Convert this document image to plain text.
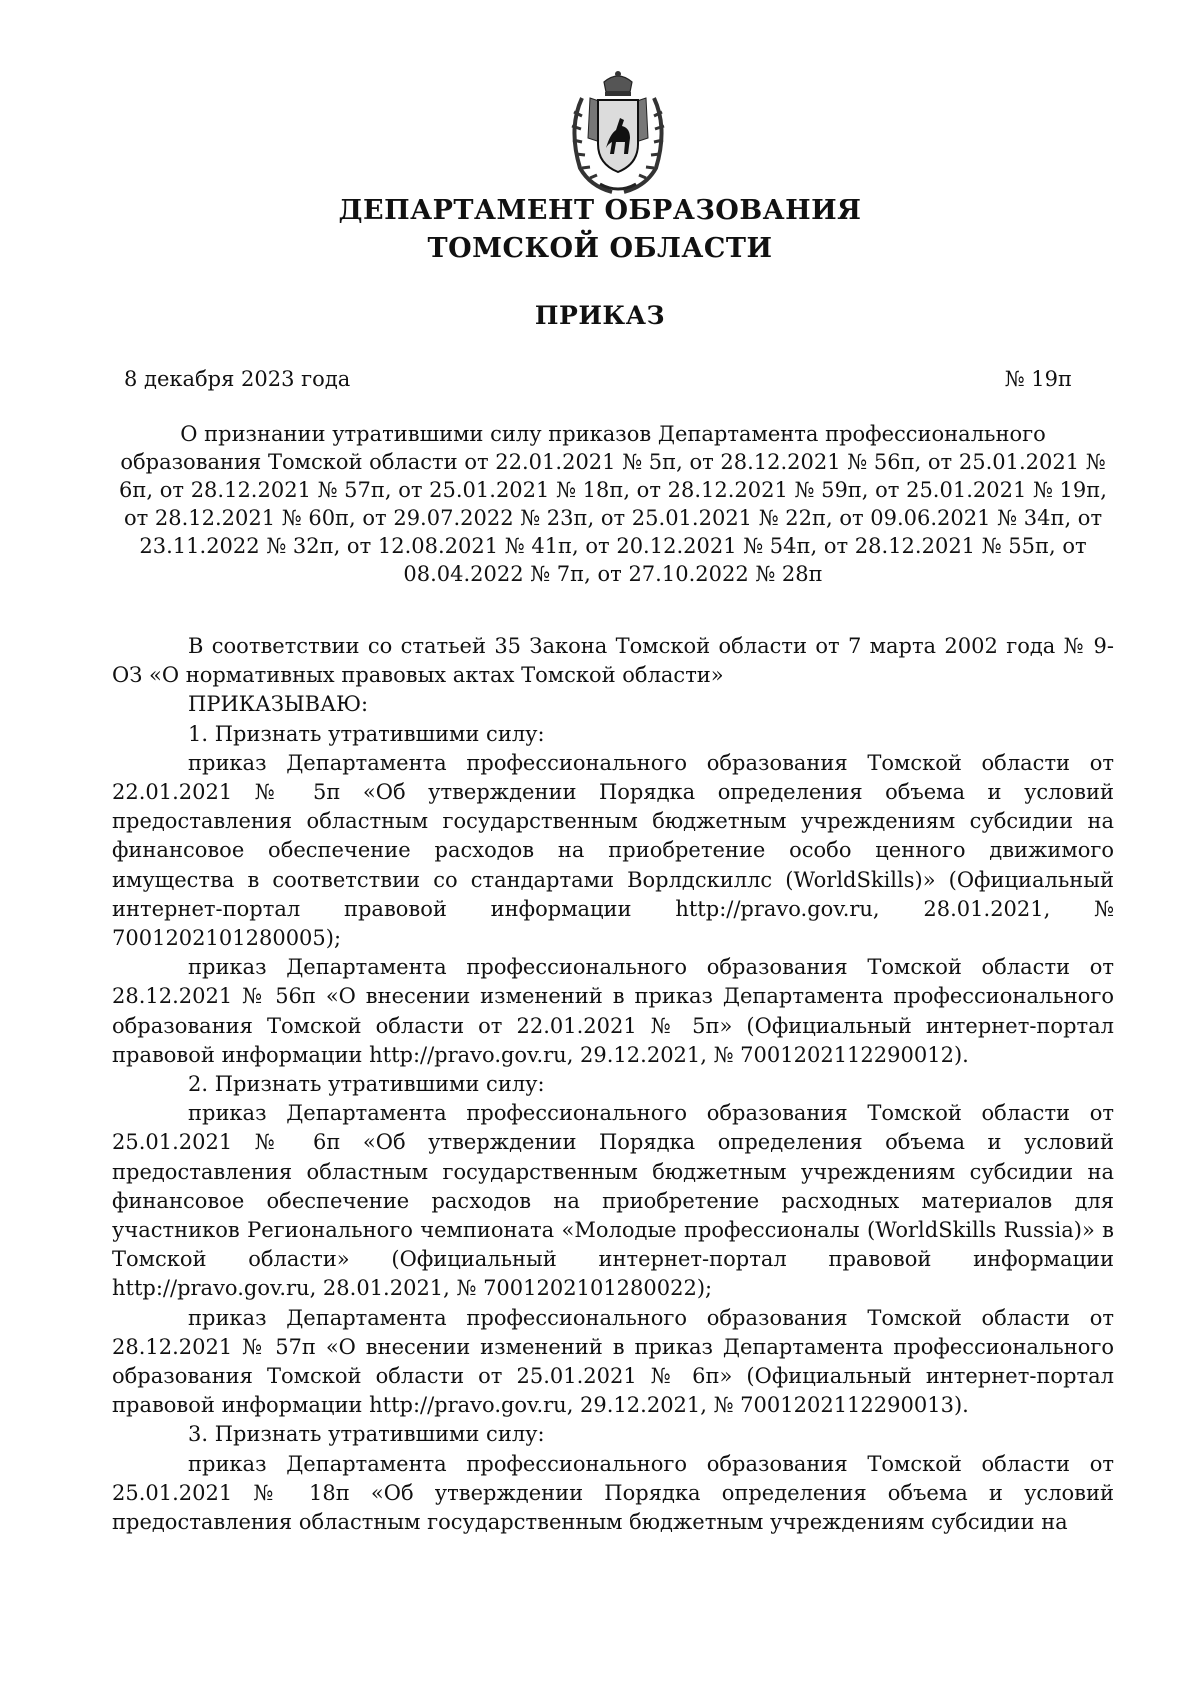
ДЕПАРТАМЕНТ ОБРАЗОВАНИЯ
ТОМСКОЙ ОБЛАСТИ
ПРИКАЗ
8 декабря 2023 года	№ 19п
О признании утратившими силу приказов Департамента профессионального
образования Томской области от 22.01.2021 № 5п, от 28.12.2021 № 56п, от 25.01.2021 №
6п, от 28.12.2021 № 57п, от 25.01.2021 № 18п, от 28.12.2021 № 59п, от 25.01.2021 № 19п,
от 28.12.2021 № 60п, от 29.07.2022 № 23п, от 25.01.2021 № 22п, от 09.06.2021 № 34п, от
23.11.2022 № 32п, от 12.08.2021 № 41п, от 20.12.2021 № 54п, от 28.12.2021 № 55п, от
08.04.2022 № 7п, от 27.10.2022 № 28п

В соответствии со статьей 35 Закона Томской области от 7 марта 2002 года № 9-ОЗ «О нормативных правовых актах Томской области»

ПРИКАЗЫВАЮ:

1. Признать утратившими силу:

приказ Департамента профессионального образования Томской области от 22.01.2021 № 5п «Об утверждении Порядка определения объема и условий предоставления областным государственным бюджетным учреждениям субсидии на финансовое обеспечение расходов на приобретение особо ценного движимого имущества в соответствии со стандартами Ворлдскиллс (WorldSkills)» (Официальный интернет-портал правовой информации http://pravo.gov.ru, 28.01.2021, № 7001202101280005);

приказ Департамента профессионального образования Томской области от 28.12.2021 № 56п «О внесении изменений в приказ Департамента профессионального образования Томской области от 22.01.2021 № 5п» (Официальный интернет-портал правовой информации http://pravo.gov.ru, 29.12.2021, № 7001202112290012).

2. Признать утратившими силу:

приказ Департамента профессионального образования Томской области от 25.01.2021 № 6п «Об утверждении Порядка определения объема и условий предоставления областным государственным бюджетным учреждениям субсидии на финансовое обеспечение расходов на приобретение расходных материалов для участников Регионального чемпионата «Молодые профессионалы (WorldSkills Russia)» в Томской области» (Официальный интернет-портал правовой информации http://pravo.gov.ru, 28.01.2021, № 7001202101280022);

приказ Департамента профессионального образования Томской области от 28.12.2021 № 57п «О внесении изменений в приказ Департамента профессионального образования Томской области от 25.01.2021 № 6п» (Официальный интернет-портал правовой информации http://pravo.gov.ru, 29.12.2021, № 7001202112290013).

3. Признать утратившими силу:

приказ Департамента профессионального образования Томской области от 25.01.2021 № 18п «Об утверждении Порядка определения объема и условий предоставления областным государственным бюджетным учреждениям субсидии на
